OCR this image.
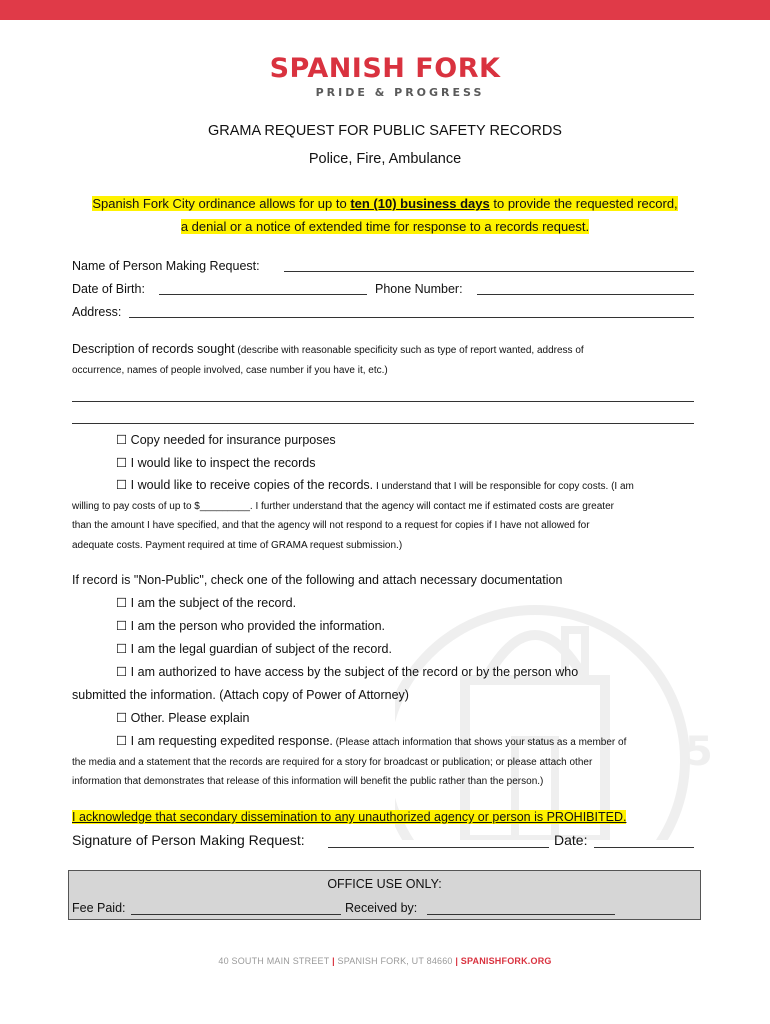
5
SPANISH FORK
PRIDE & PROGRESS
GRAMA REQUEST FOR PUBLIC SAFETY RECORDS
Police, Fire, Ambulance
Spanish Fork City ordinance allows for up to ten (10) business days to provide the requested record,
a denial or a notice of extended time for response to a records request.
Name of Person Making Request:
Date of Birth:	Phone Number:
Address:
Description of records sought (describe with reasonable specificity such as type of report wanted, address of
occurrence, names of people involved, case number if you have it, etc.)
☐ Copy needed for insurance purposes
☐ I would like to inspect the records
☐ I would like to receive copies of the records. I understand that I will be responsible for copy costs. (I am
willing to pay costs of up to $_________. I further understand that the agency will contact me if estimated costs are greater
than the amount I have specified, and that the agency will not respond to a request for copies if I have not allowed for
adequate costs. Payment required at time of GRAMA request submission.)
If record is "Non-Public", check one of the following and attach necessary documentation
☐ I am the subject of the record.
☐ I am the person who provided the information.
☐ I am the legal guardian of subject of the record.
☐ I am authorized to have access by the subject of the record or by the person who
submitted the information. (Attach copy of Power of Attorney)
☐ Other. Please explain
☐ I am requesting expedited response. (Please attach information that shows your status as a member of
the media and a statement that the records are required for a story for broadcast or publication; or please attach other
information that demonstrates that release of this information will benefit the public rather than the person.)
I acknowledge that secondary dissemination to any unauthorized agency or person is PROHIBITED.
Signature of Person Making Request:	Date:
OFFICE USE ONLY:
Fee Paid:	Received by:
40 SOUTH MAIN STREET | SPANISH FORK, UT 84660 | SPANISHFORK.ORG
